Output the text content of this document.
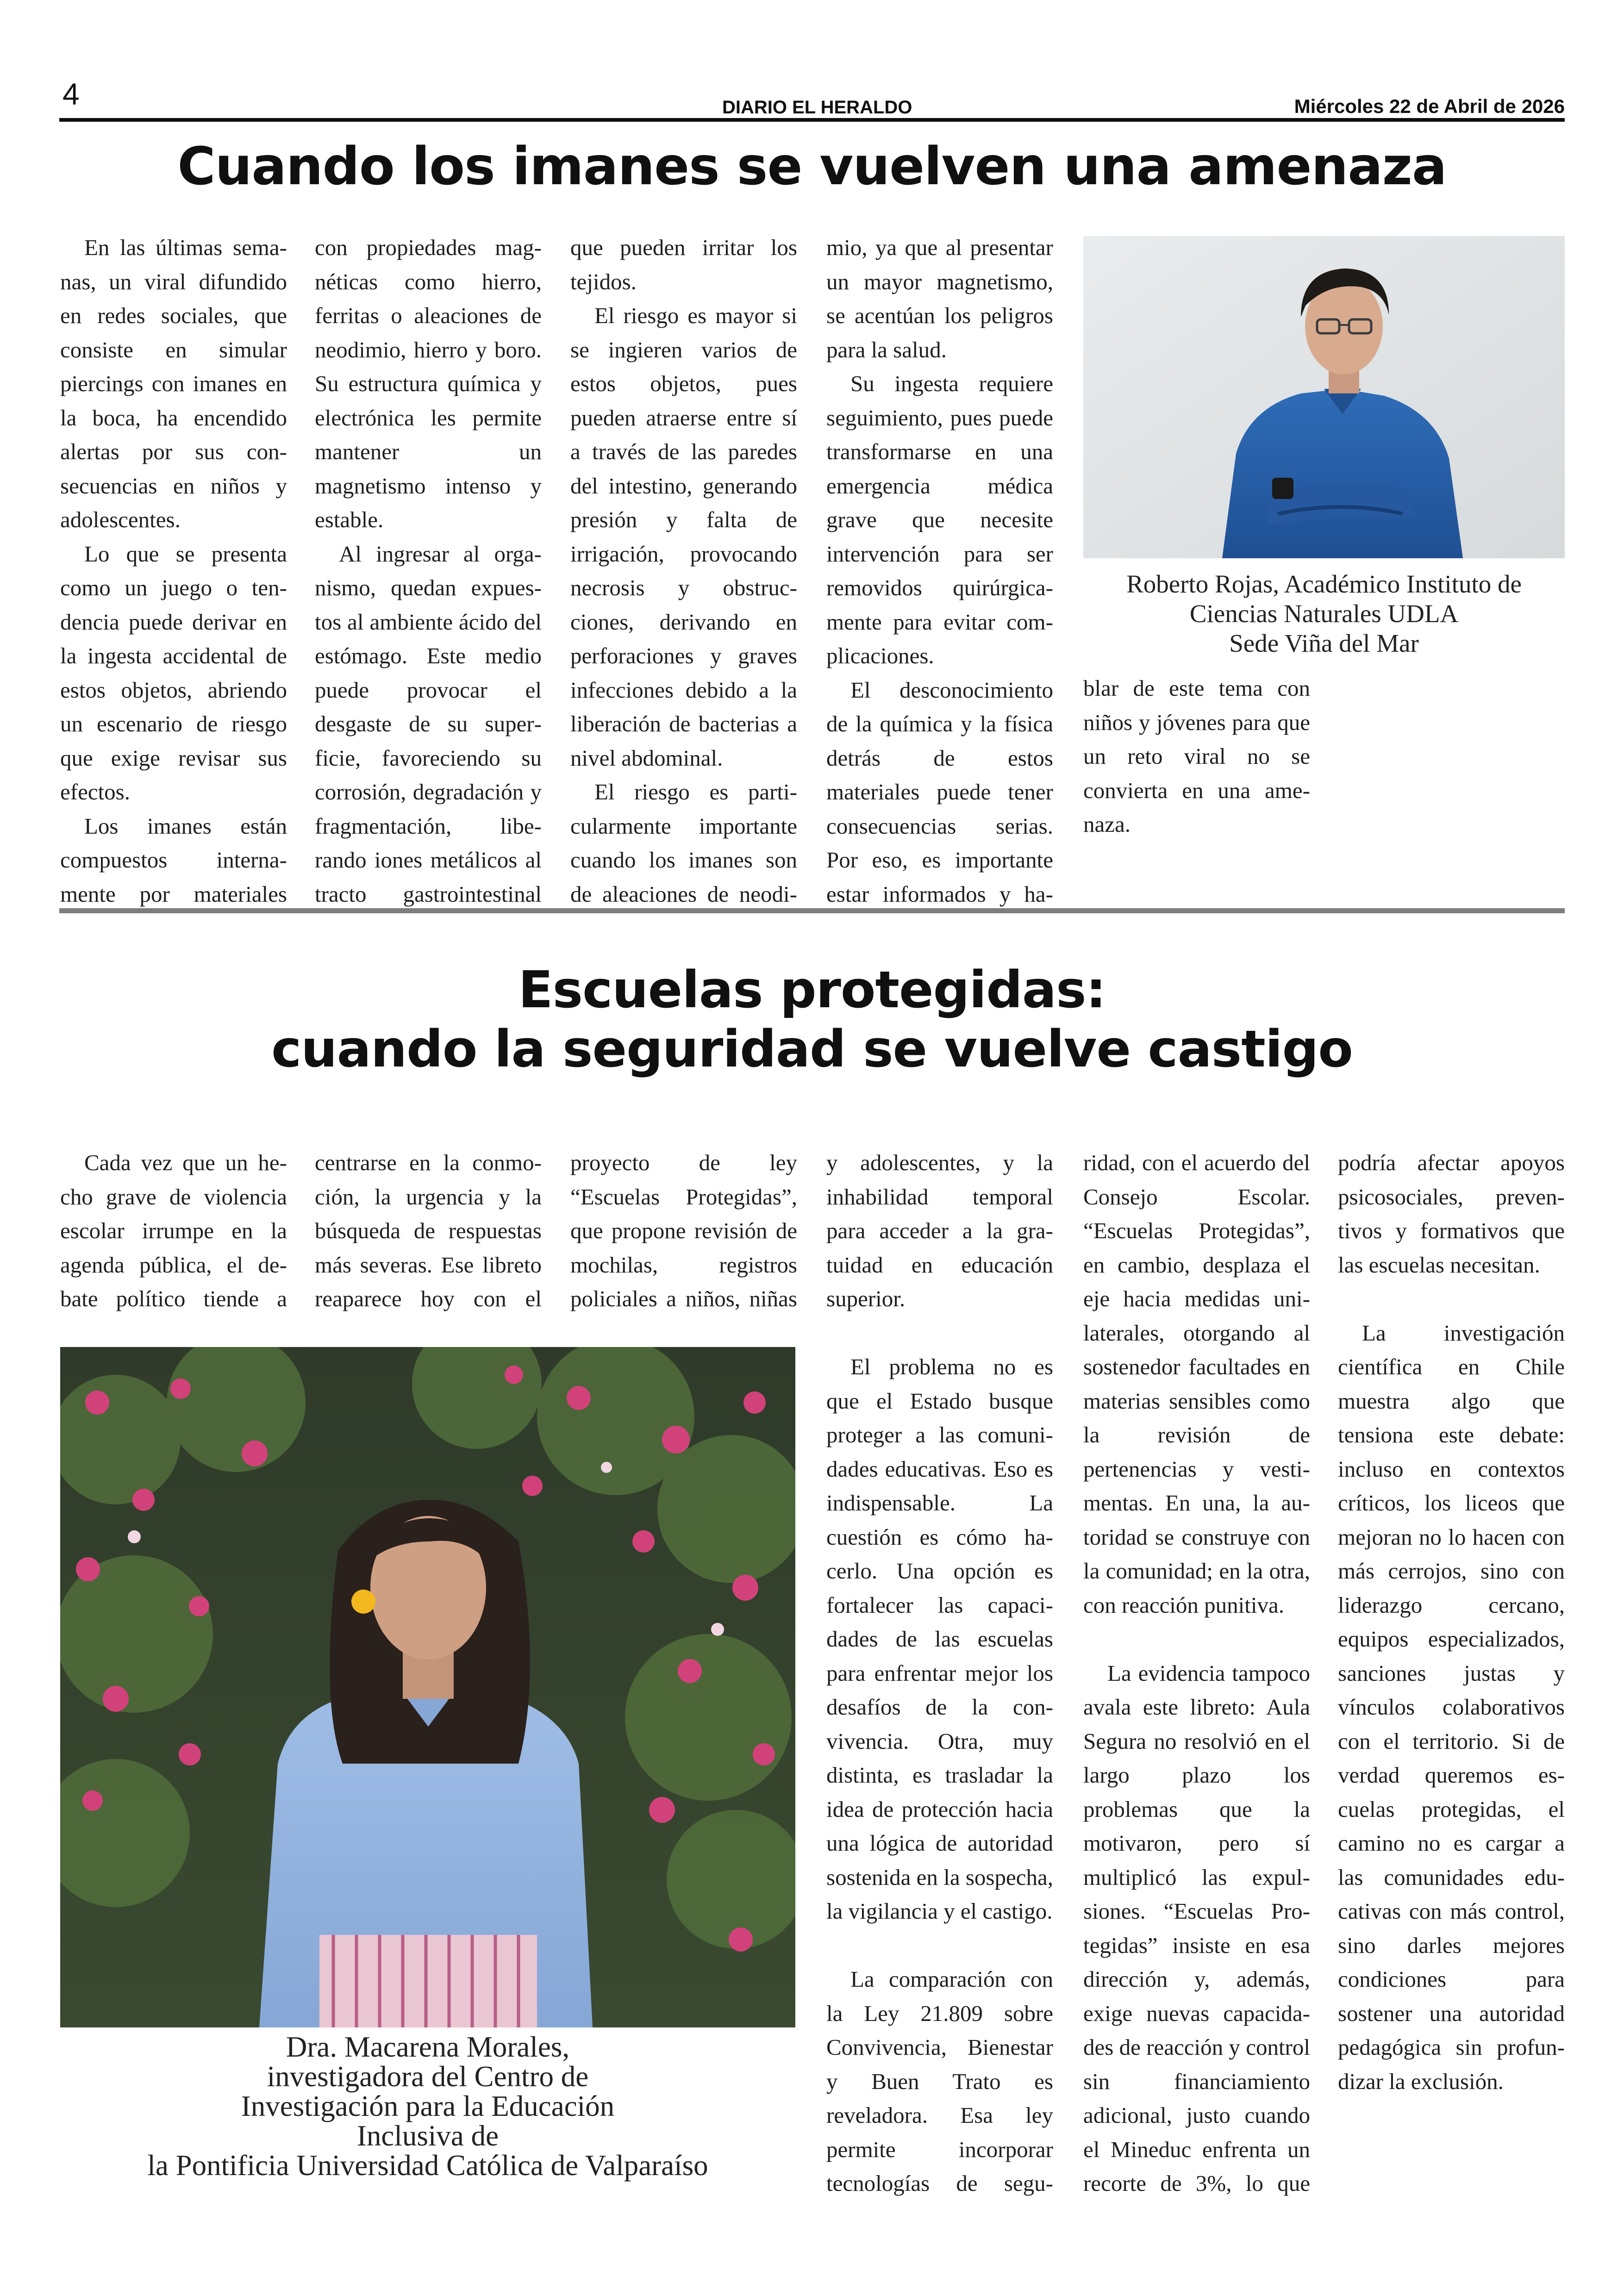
4	DIARIO EL HERALDO	Miércoles 22 de Abril de 2026
Cuando los imanes se vuelven una amenaza

En las últimas semanas, un viral difundido en redes sociales, que consiste en simular piercings con imanes en la boca, ha encendido alertas por sus consecuencias en niños y adolescentes.

Lo que se presenta como un juego o tendencia puede derivar en la ingesta accidental de estos objetos, abriendo un escenario de riesgo que exige revisar sus efectos.

Los imanes están compuestos internamente por materiales

con propiedades magnéticas como hierro, ferritas o aleaciones de neodimio, hierro y boro. Su estructura química y electrónica les permite mantener un magnetismo intenso y estable.

Al ingresar al organismo, quedan expuestos al ambiente ácido del estómago. Este medio puede provocar el desgaste de su superficie, favoreciendo su corrosión, degradación y fragmentación, liberando iones metálicos al tracto gastrointestinal

que pueden irritar los tejidos.

El riesgo es mayor si se ingieren varios de estos objetos, pues pueden atraerse entre sí a través de las paredes del intestino, generando presión y falta de irrigación, provocando necrosis y obstrucciones, derivando en perforaciones y graves infecciones debido a la liberación de bacterias a nivel abdominal.

El riesgo es particularmente importante cuando los imanes son de aleaciones de neodi

io, ya que al presentar un mayor magnetismo, se acentúan los peligros para la salud.

Su ingesta requiere seguimiento, pues puede transformarse en una emergencia médica grave que necesite intervención para ser removidos quirúrgicamente para evitar complicaciones.

El desconocimiento de la química y la física detrás de estos materiales puede tener consecuencias serias. Por eso, es importante estar informados y ha

lar de este tema con niños y jóvenes para que un reto viral no se convierta en una amenaza.

Roberto Rojas, Académico Instituto de
Ciencias Naturales UDLA
Sede Viña del Mar
Escuelas protegidas:
cuando la seguridad se vuelve castigo

Cada vez que un hecho grave de violencia escolar irrumpe en la agenda pública, el debate político tiende a

centrarse en la conmoción, la urgencia y la búsqueda de respuestas más severas. Ese libreto reaparece hoy con el

proyecto de ley “Escuelas Protegidas”, que propone revisión de mochilas, registros policiales a niños, niñas

y adolescentes, y la inhabilidad temporal para acceder a la gratuidad en educación superior.

El problema no es que el Estado busque proteger a las comunidades educativas. Eso es indispensable. La cuestión es cómo hacerlo. Una opción es fortalecer las capacidades de las escuelas para enfrentar mejor los desafíos de la convivencia. Otra, muy distinta, es trasladar la idea de protección hacia una lógica de autoridad sostenida en la sospecha, la vigilancia y el castigo.

La comparación con la Ley 21.809 sobre Convivencia, Bienestar y Buen Trato es reveladora. Esa ley permite incorporar tecnologías de segu

idad, con el acuerdo del Consejo Escolar. “Escuelas Protegidas”, en cambio, desplaza el eje hacia medidas unilaterales, otorgando al sostenedor facultades en materias sensibles como la revisión de pertenencias y vestimentas. En una, la autoridad se construye con la comunidad; en la otra, con reacción punitiva.

La evidencia tampoco avala este libreto: Aula Segura no resolvió en el largo plazo los problemas que la motivaron, pero sí multiplicó las expulsiones. “Escuelas Protegidas” insiste en esa dirección y, además, exige nuevas capacidades de reacción y control sin financiamiento adicional, justo cuando el Mineduc enfrenta un recorte de 3%, lo que

podría afectar apoyos psicosociales, preventivos y formativos que las escuelas necesitan.

La investigación científica en Chile muestra algo que tensiona este debate: incluso en contextos críticos, los liceos que mejoran no lo hacen con más cerrojos, sino con liderazgo cercano, equipos especializados, sanciones justas y vínculos colaborativos con el territorio. Si de verdad queremos escuelas protegidas, el camino no es cargar a las comunidades educativas con más control, sino darles mejores condiciones para sostener una autoridad pedagógica sin profundizar la exclusión.

Dra. Macarena Morales,
investigadora del Centro de
Investigación para la Educación
Inclusiva de
la Pontificia Universidad Católica de Valparaíso
